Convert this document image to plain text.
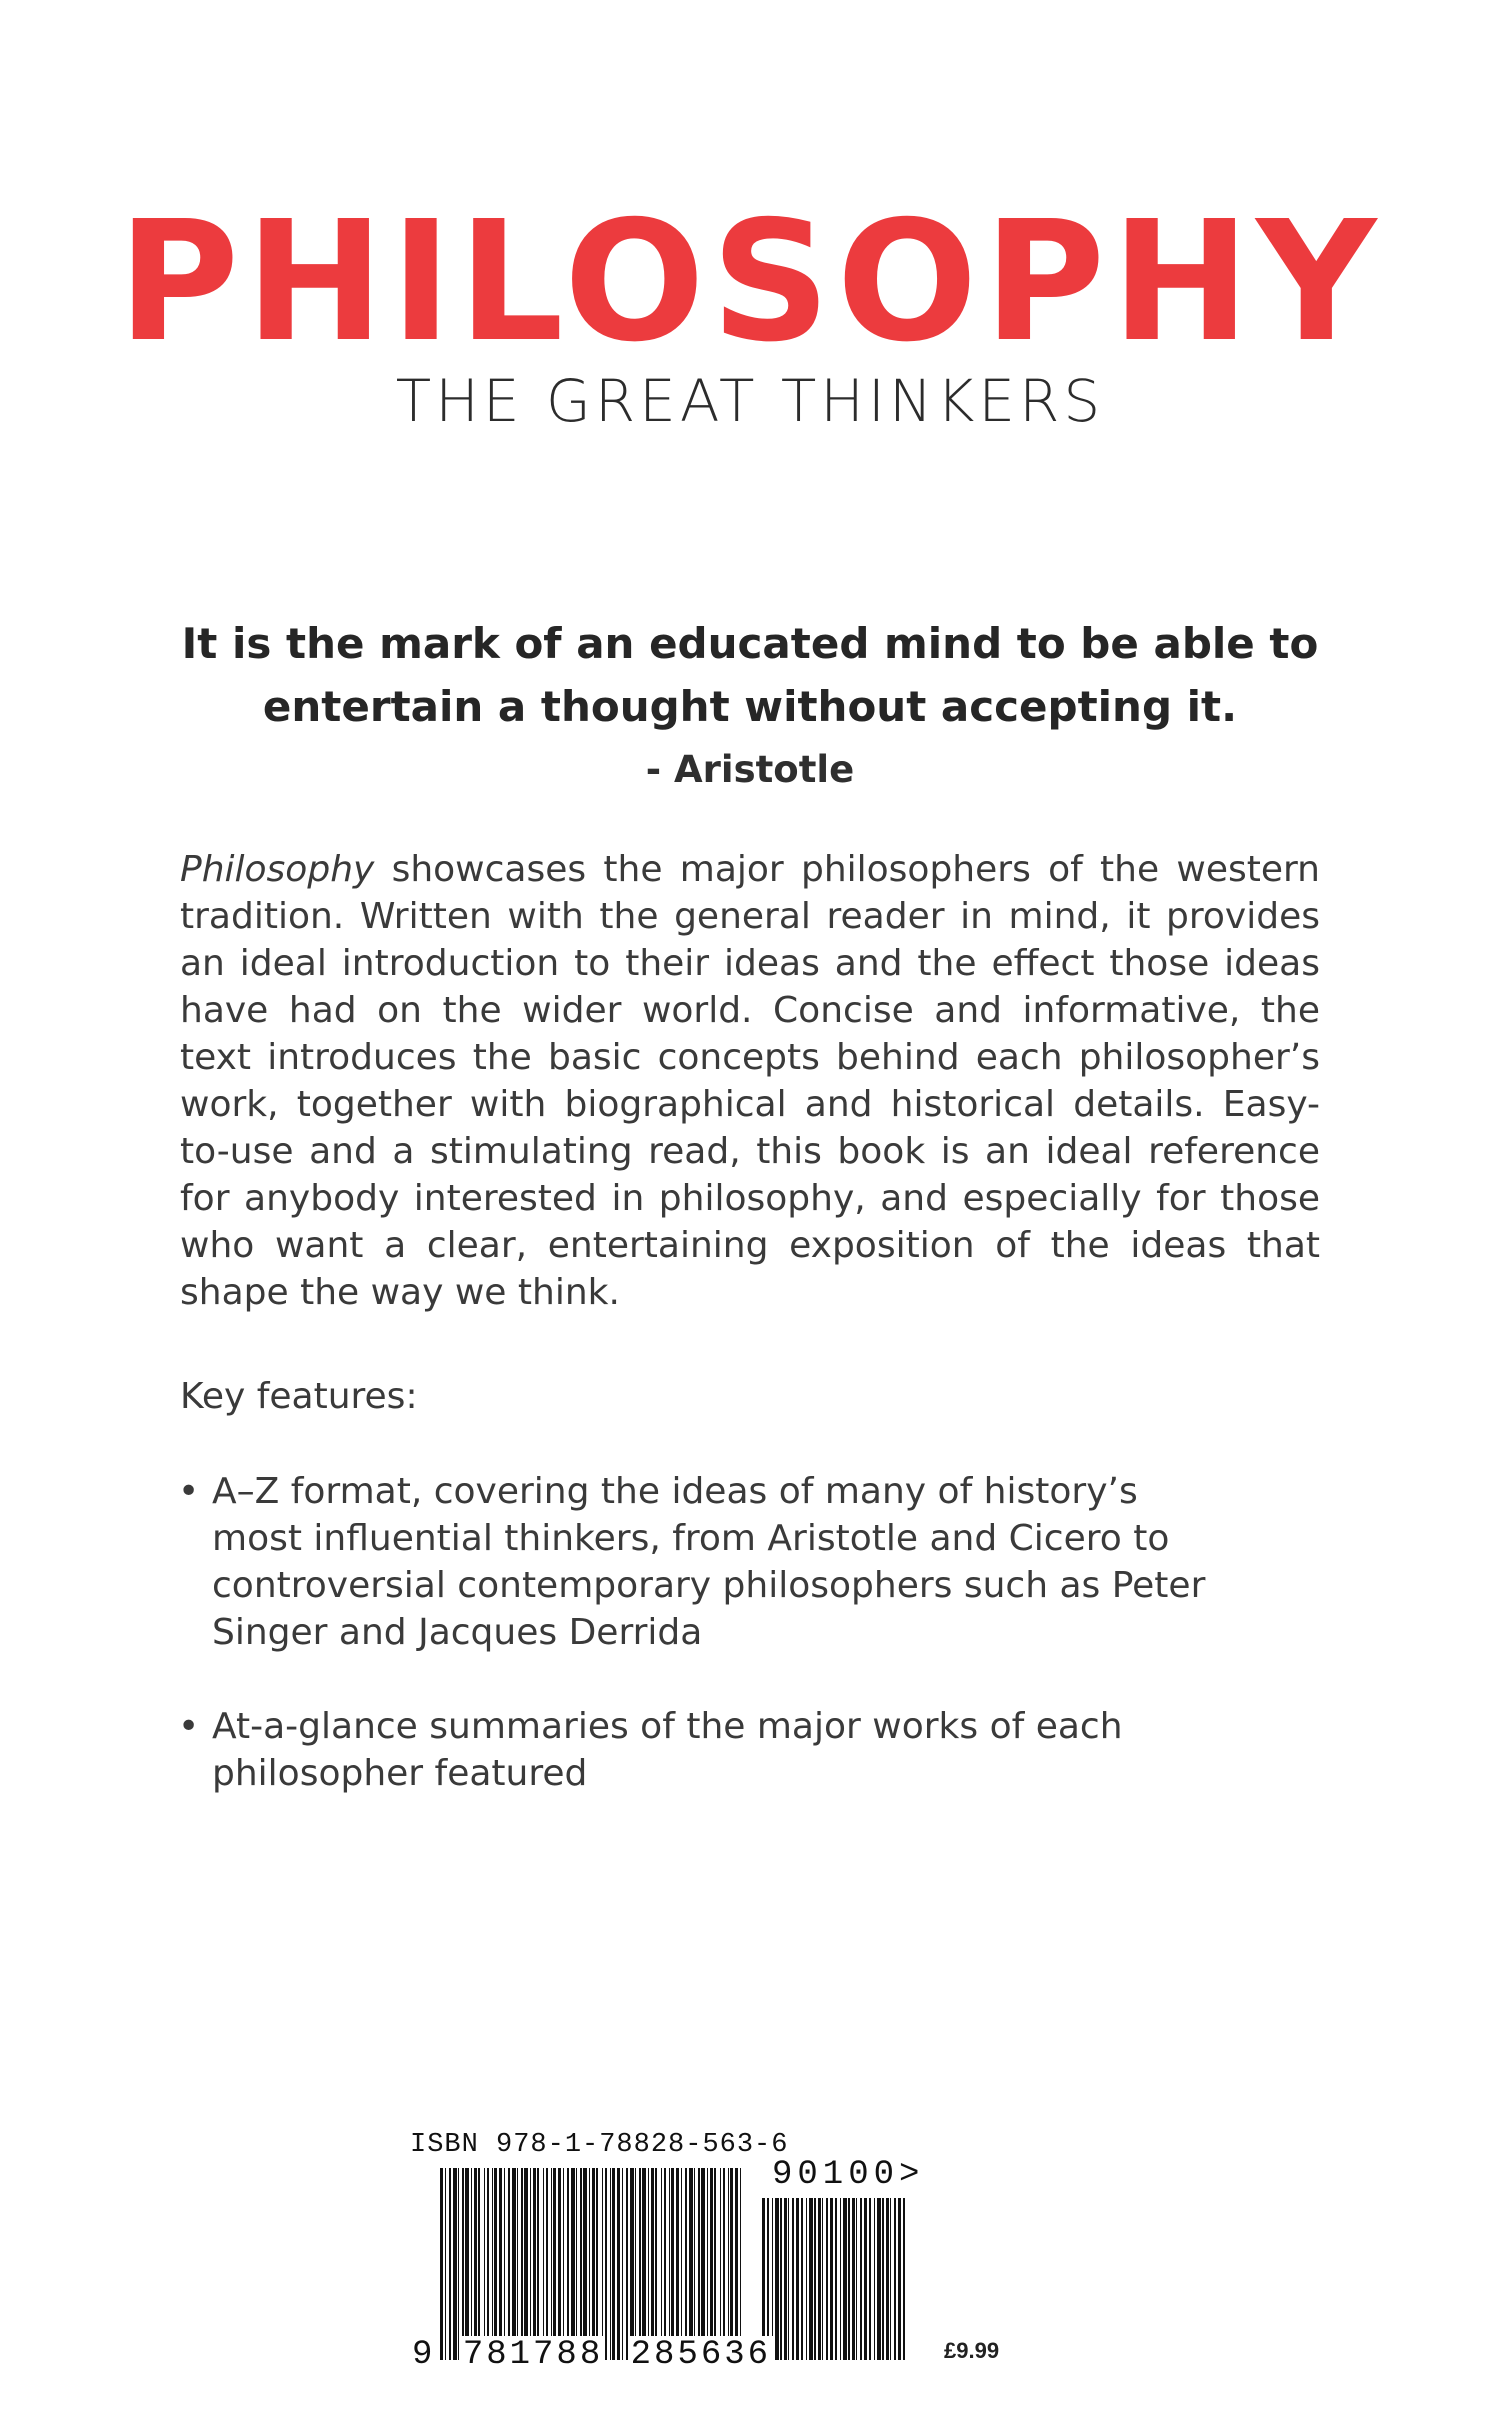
PHILOSOPHY
THE GREAT THINKERS
It is the mark of an educated mind to be able to entertain a thought without accepting it.
- Aristotle

Philosophy showcases the major philosophers of the western tradition. Written with the general reader in mind, it provides an ideal introduction to their ideas and the effect those ideas have had on the wider world. Concise and informative, the text introduces the basic concepts behind each philosopher’s work, together with biographical and historical details. Easy-to-use and a stimulating read, this book is an ideal reference for anybody interested in philosophy, and especially for those who want a clear, entertaining exposition of the ideas that shape the way we think.

Key features:
• A–Z format, covering the ideas of many of history’s most influential thinkers, from Aristotle and Cicero to controversial contemporary philosophers such as Peter Singer and Jacques Derrida
• At-a-glance summaries of the major works of each philosopher featured
ISBN 978-1-78828-563-6
90100>
9 781788 285636	£9.99
